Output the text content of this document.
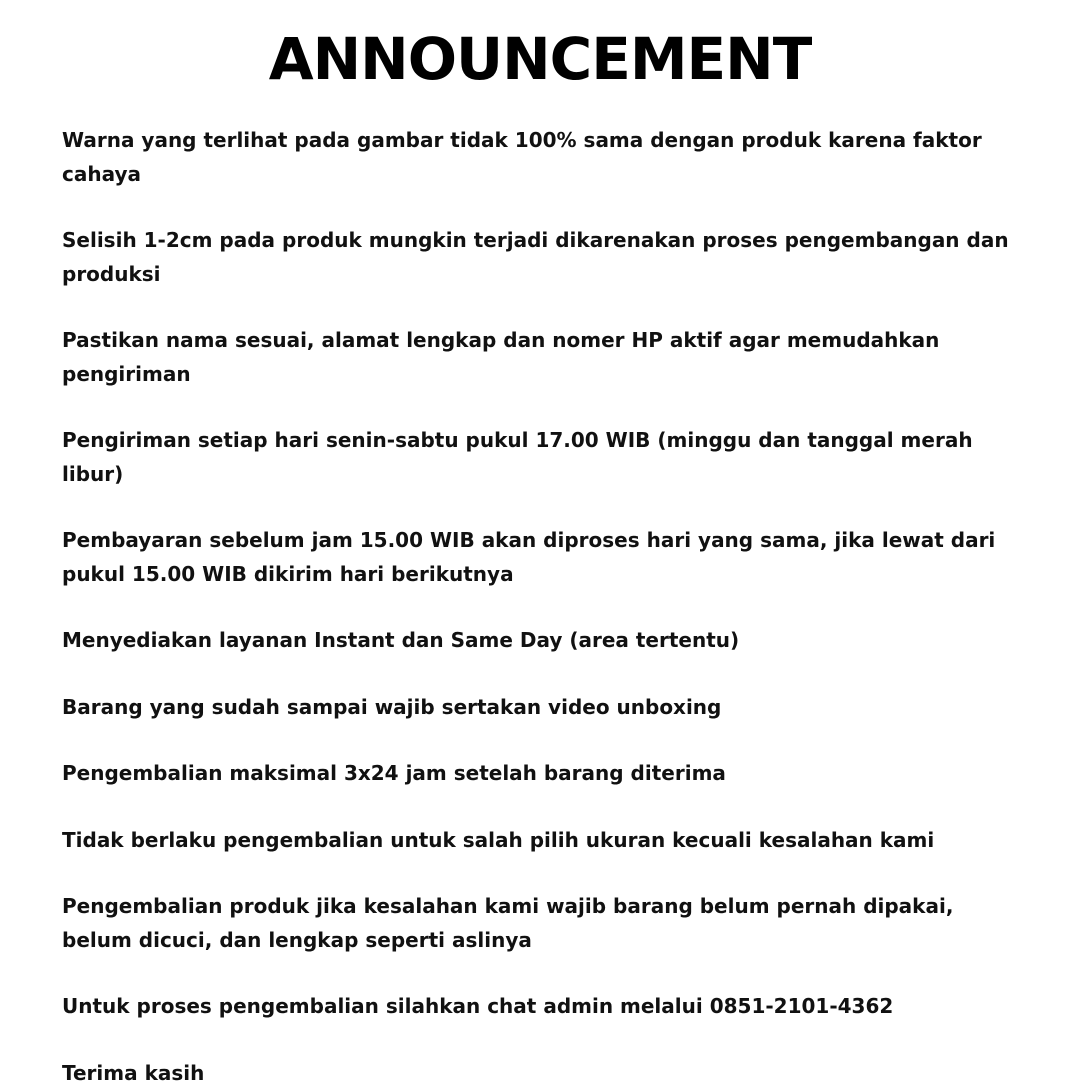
ANNOUNCEMENT
Warna yang terlihat pada gambar tidak 100% sama dengan produk karena faktor cahaya
Selisih 1-2cm pada produk mungkin terjadi dikarenakan proses pengembangan dan produksi
Pastikan nama sesuai, alamat lengkap dan nomer HP aktif agar memudahkan pengiriman
Pengiriman setiap hari senin-sabtu pukul 17.00 WIB (minggu dan tanggal merah libur)
Pembayaran sebelum jam 15.00 WIB akan diproses hari yang sama, jika lewat dari pukul 15.00 WIB dikirim hari berikutnya
Menyediakan layanan Instant dan Same Day (area tertentu)
Barang yang sudah sampai wajib sertakan video unboxing
Pengembalian maksimal 3x24 jam setelah barang diterima
Tidak berlaku pengembalian untuk salah pilih ukuran kecuali kesalahan kami
Pengembalian produk jika kesalahan kami wajib barang belum pernah dipakai, belum dicuci, dan lengkap seperti aslinya
Untuk proses pengembalian silahkan chat admin melalui 0851-2101-4362
Terima kasih
